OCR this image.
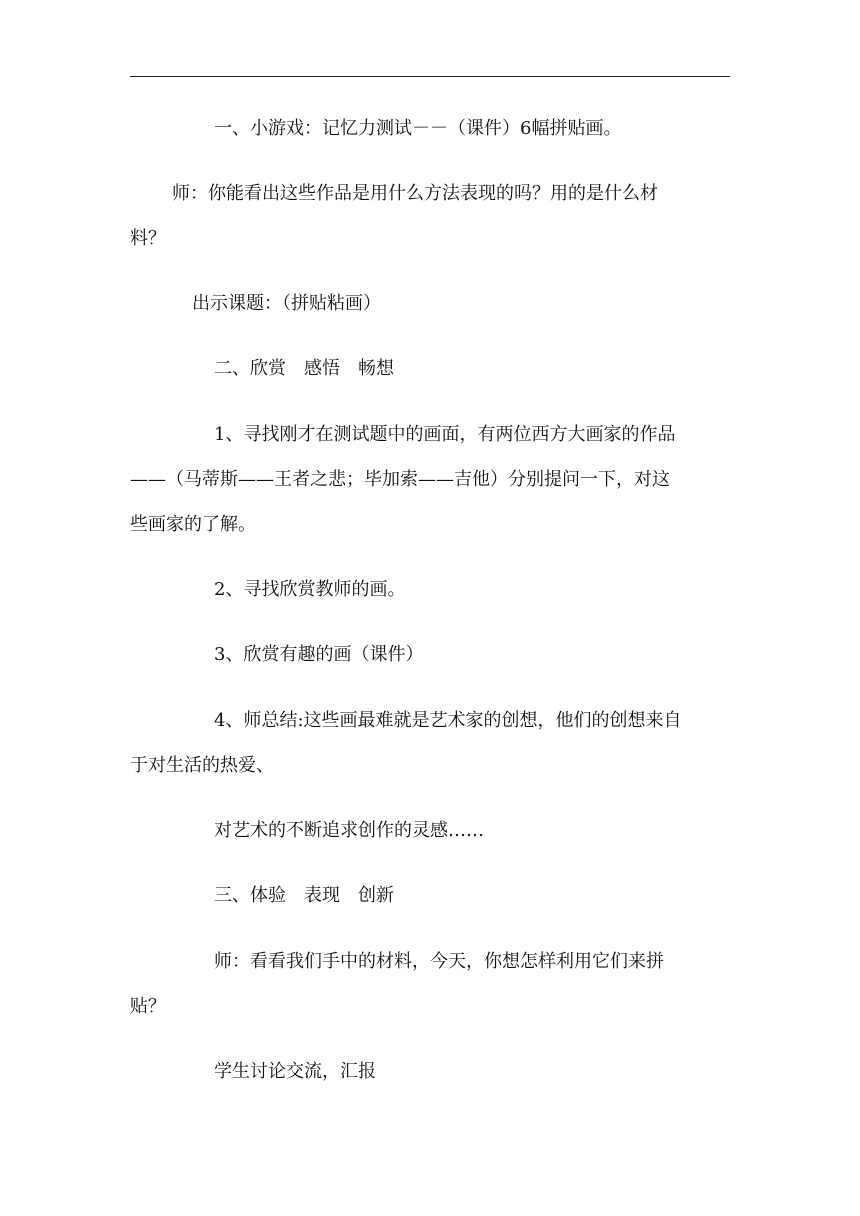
一、小游戏：记忆力测试－－（课件）6幅拼贴画。
师：你能看出这些作品是用什么方法表现的吗？用的是什么材
料？
出示课题：（拼贴粘画）
二、欣赏　感悟　畅想
1、寻找刚才在测试题中的画面，有两位西方大画家的作品
——（马蒂斯——王者之悲；毕加索——吉他）分别提问一下，对这
些画家的了解。
2、寻找欣赏教师的画。
3、欣赏有趣的画（课件）
4、师总结:这些画最难就是艺术家的创想，他们的创想来自
于对生活的热爱、
对艺术的不断追求创作的灵感……
三、体验　表现　创新
师：看看我们手中的材料，今天，你想怎样利用它们来拼
贴？
学生讨论交流，汇报
